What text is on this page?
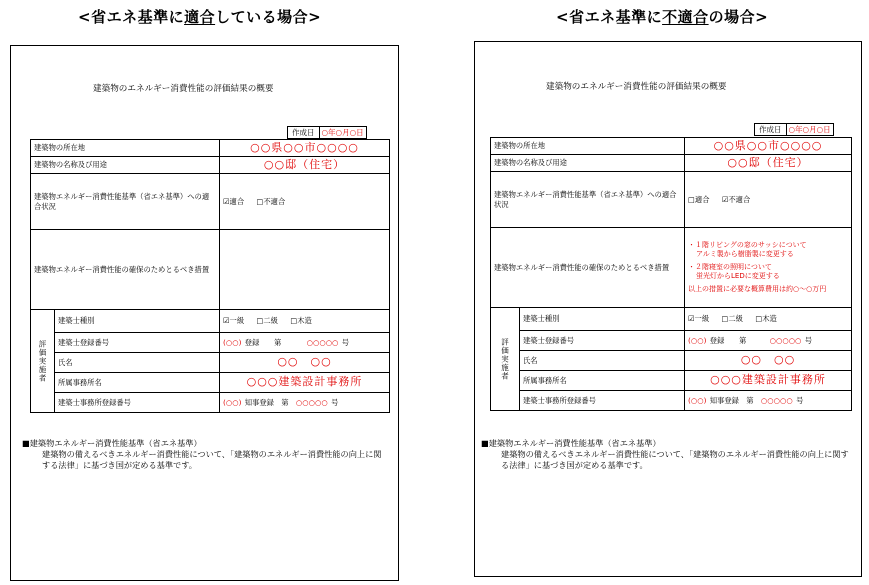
<省エネ基準に適合している場合>
建築物のエネルギー消費性能の評価結果の概要
作成日 ○年○月○日
建築物の所在地		○○県○○市○○○○
建築物の名称及び用途		○○邸（住宅）
建築物エネルギー消費性能基準（省エネ基準）への適合状況		☑適合 □不適合
建築物エネルギー消費性能の確保のためとるべき措置		

評価実施者	建築士種別	☑一級 □二級 □木造
	建築士登録番号	(○○) 登録　　第 ○○○○○ 号
	氏名	○○　○○
	所属事務所名	○○○建築設計事務所
	建築士事務所登録番号	(○○) 知事登録　第 ○○○○○ 号
■建築物エネルギー消費性能基準（省エネ基準）
建築物の備えるべきエネルギー消費性能について、「建築物のエネルギー消費性能の向上に関する法律」に基づき国が定める基準です。
<省エネ基準に不適合の場合>
建築物のエネルギー消費性能の評価結果の概要
作成日 ○年○月○日
建築物の所在地		○○県○○市○○○○
建築物の名称及び用途		○○邸（住宅）
建築物エネルギー消費性能基準（省エネ基準）への適合状況		□適合 ☑不適合
建築物エネルギー消費性能の確保のためとるべき措置		・１階リビングの窓のサッシについて
アルミ製から樹脂製に変更する
・２階寝室の照明について
蛍光灯からLEDに変更する
以上の措置に必要な概算費用は約○～○万円

評価実施者	建築士種別	☑一級 □二級 □木造
	建築士登録番号	(○○) 登録　　第 ○○○○○ 号
	氏名	○○　○○
	所属事務所名	○○○建築設計事務所
	建築士事務所登録番号	(○○) 知事登録　第 ○○○○○ 号
■建築物エネルギー消費性能基準（省エネ基準）
建築物の備えるべきエネルギー消費性能について、「建築物のエネルギー消費性能の向上に関する法律」に基づき国が定める基準です。
